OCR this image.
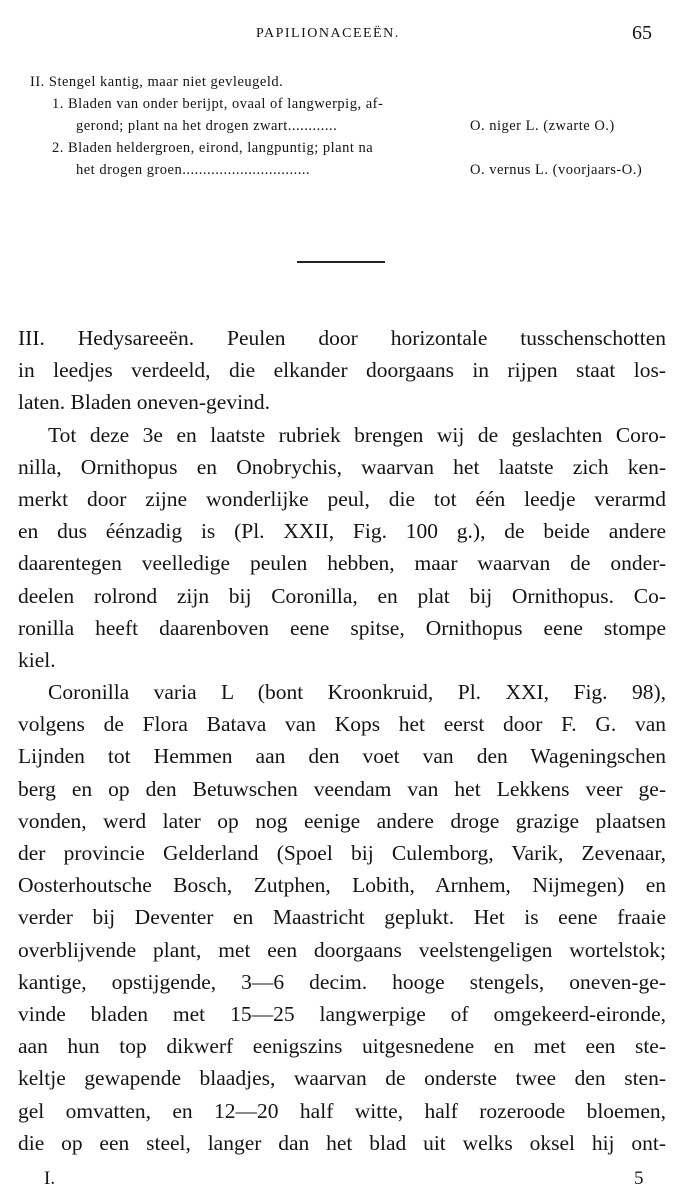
PAPILIONACEEËN.	65
II. Stengel kantig, maar niet gevleugeld.
1. Bladen van onder berijpt, ovaal of langwerpig, af-
gerond; plant na het drogen zwart............	O. niger L. (zwarte O.)
2. Bladen heldergroen, eirond, langpuntig; plant na
het drogen groen...............................	O. vernus L. (voorjaars-O.)
III. Hedysareeën. Peulen door horizontale tusschenschotten
in leedjes verdeeld, die elkander doorgaans in rijpen staat los-
laten. Bladen oneven-gevind.
Tot deze 3e en laatste rubriek brengen wij de geslachten Coro-
nilla, Ornithopus en Onobrychis, waarvan het laatste zich ken-
merkt door zijne wonderlijke peul, die tot één leedje verarmd
en dus éénzadig is (Pl. XXII, Fig. 100 g.), de beide andere
daarentegen veelledige peulen hebben, maar waarvan de onder-
deelen rolrond zijn bij Coronilla, en plat bij Ornithopus. Co-
ronilla heeft daarenboven eene spitse, Ornithopus eene stompe
kiel.
Coronilla varia L (bont Kroonkruid, Pl. XXI, Fig. 98),
volgens de Flora Batava van Kops het eerst door F. G. van
Lijnden tot Hemmen aan den voet van den Wageningschen
berg en op den Betuwschen veendam van het Lekkens veer ge-
vonden, werd later op nog eenige andere droge grazige plaatsen
der provincie Gelderland (Spoel bij Culemborg, Varik, Zevenaar,
Oosterhoutsche Bosch, Zutphen, Lobith, Arnhem, Nijmegen) en
verder bij Deventer en Maastricht geplukt. Het is eene fraaie
overblijvende plant, met een doorgaans veelstengeligen wortelstok;
kantige, opstijgende, 3—6 decim. hooge stengels, oneven-ge-
vinde bladen met 15—25 langwerpige of omgekeerd-eironde,
aan hun top dikwerf eenigszins uitgesnedene en met een ste-
keltje gewapende blaadjes, waarvan de onderste twee den sten-
gel omvatten, en 12—20 half witte, half rozeroode bloemen,
die op een steel, langer dan het blad uit welks oksel hij ont-
I.	5
